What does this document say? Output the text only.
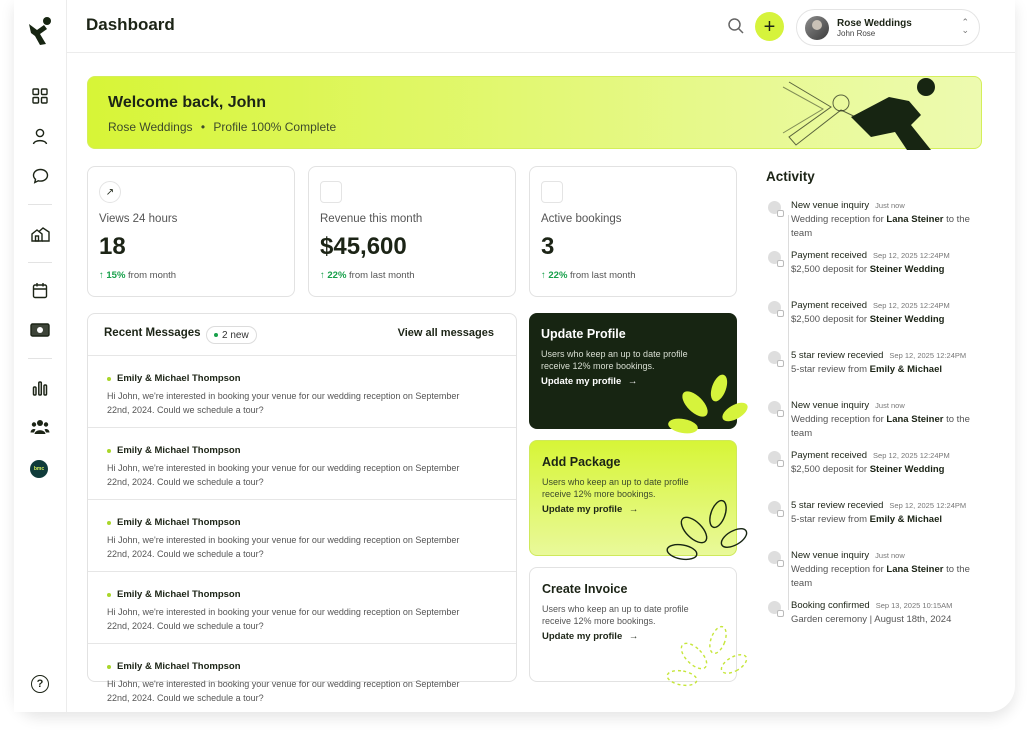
bmc
?
Dashboard	+	Rose Weddings
John Rose
⌃
⌄
Welcome back, John
Rose Weddings • Profile 100% Complete
↗
Views 24 hours
18
↑ 15% from month
Revenue this month
$45,600
↑ 22% from last month
Active bookings
3
↑ 22% from last month
Recent Messages 2 new	View all messages
Emily & Michael Thompson
Hi John, we're interested in booking your venue for our wedding reception on September 22nd, 2024. Could we schedule a tour?
Emily & Michael Thompson
Hi John, we're interested in booking your venue for our wedding reception on September 22nd, 2024. Could we schedule a tour?
Emily & Michael Thompson
Hi John, we're interested in booking your venue for our wedding reception on September 22nd, 2024. Could we schedule a tour?
Emily & Michael Thompson
Hi John, we're interested in booking your venue for our wedding reception on September 22nd, 2024. Could we schedule a tour?
Emily & Michael Thompson
Hi John, we're interested in booking your venue for our wedding reception on September 22nd, 2024. Could we schedule a tour?
Update Profile
Users who keep an up to date profile receive 12% more bookings.
Update my profile →
Add Package
Users who keep an up to date profile receive 12% more bookings.
Update my profile →
Create Invoice
Users who keep an up to date profile receive 12% more bookings.
Update my profile →
Activity
New venue inquiry Just now
Wedding reception for Lana Steiner to the team
Payment received Sep 12, 2025 12:24PM
$2,500 deposit for Steiner Wedding
Payment received Sep 12, 2025 12:24PM
$2,500 deposit for Steiner Wedding
5 star review recevied Sep 12, 2025 12:24PM
5-star review from Emily & Michael
New venue inquiry Just now
Wedding reception for Lana Steiner to the team
Payment received Sep 12, 2025 12:24PM
$2,500 deposit for Steiner Wedding
5 star review recevied Sep 12, 2025 12:24PM
5-star review from Emily & Michael
New venue inquiry Just now
Wedding reception for Lana Steiner to the team
Booking confirmed Sep 13, 2025 10:15AM
Garden ceremony | August 18th, 2024
